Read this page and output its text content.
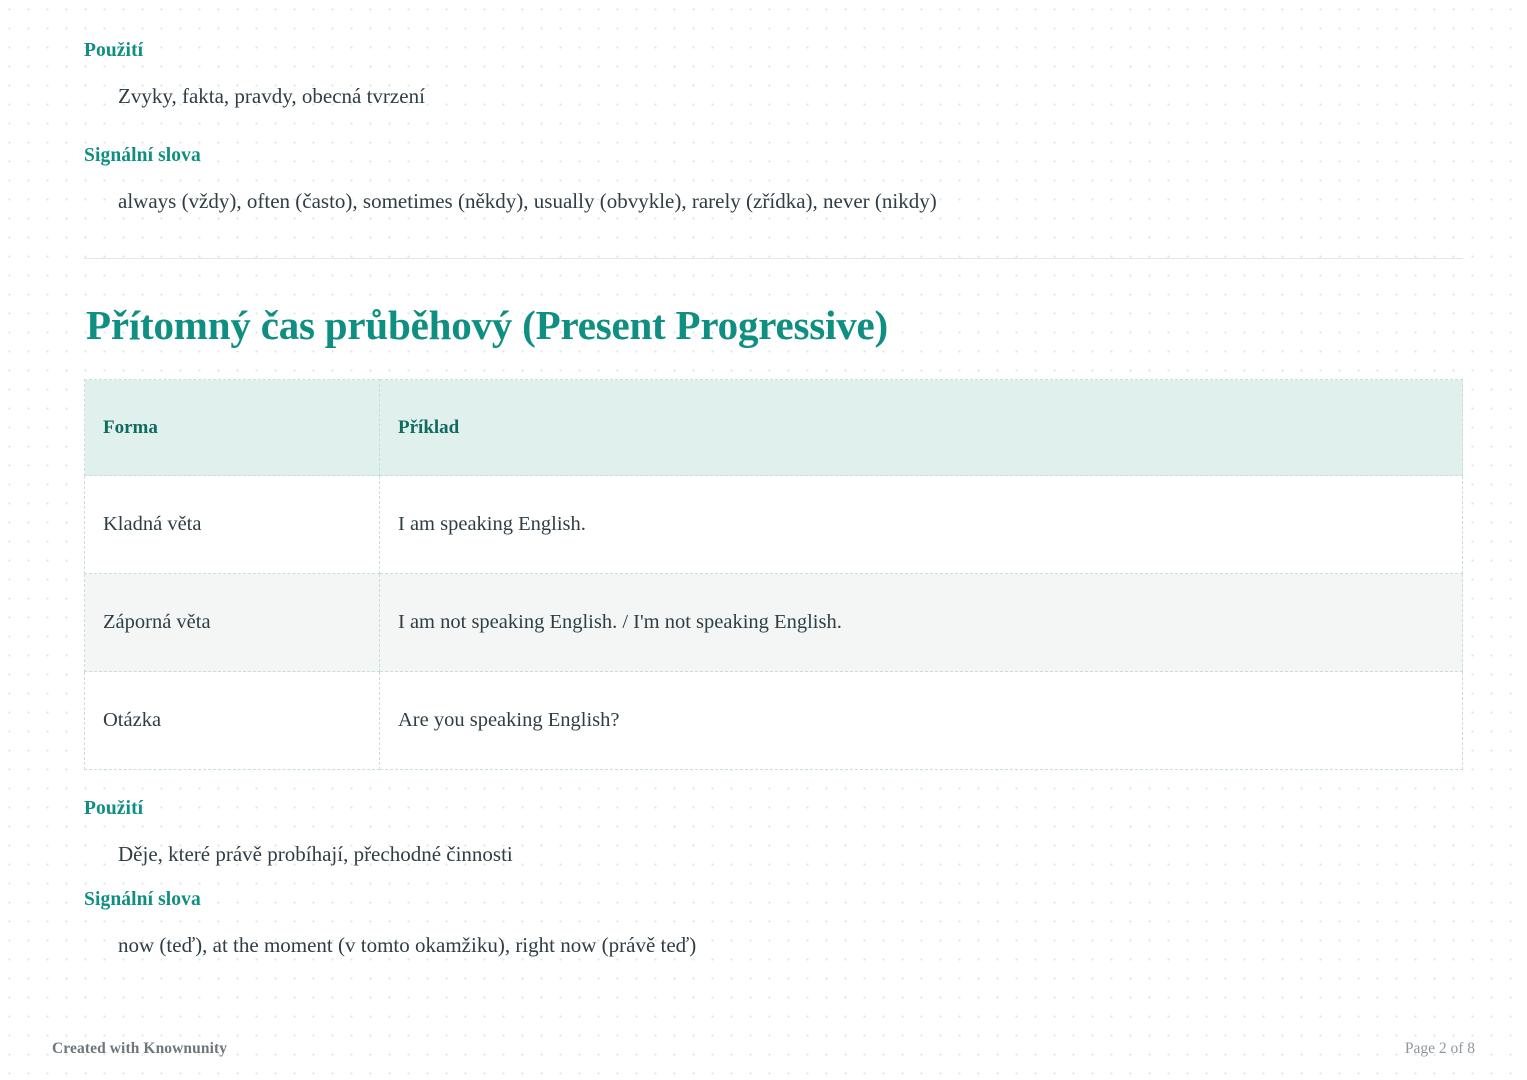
Použití
Zvyky, fakta, pravdy, obecná tvrzení
Signální slova
always (vždy), often (často), sometimes (někdy), usually (obvykle), rarely (zřídka), never (nikdy)
Přítomný čas průběhový (Present Progressive)
Forma	Příklad
Kladná věta	I am speaking English.
Záporná věta	I am not speaking English. / I'm not speaking English.
Otázka	Are you speaking English?
Použití
Děje, které právě probíhají, přechodné činnosti
Signální slova
now (teď), at the moment (v tomto okamžiku), right now (právě teď)
Created with Knownunity	Page 2 of 8
